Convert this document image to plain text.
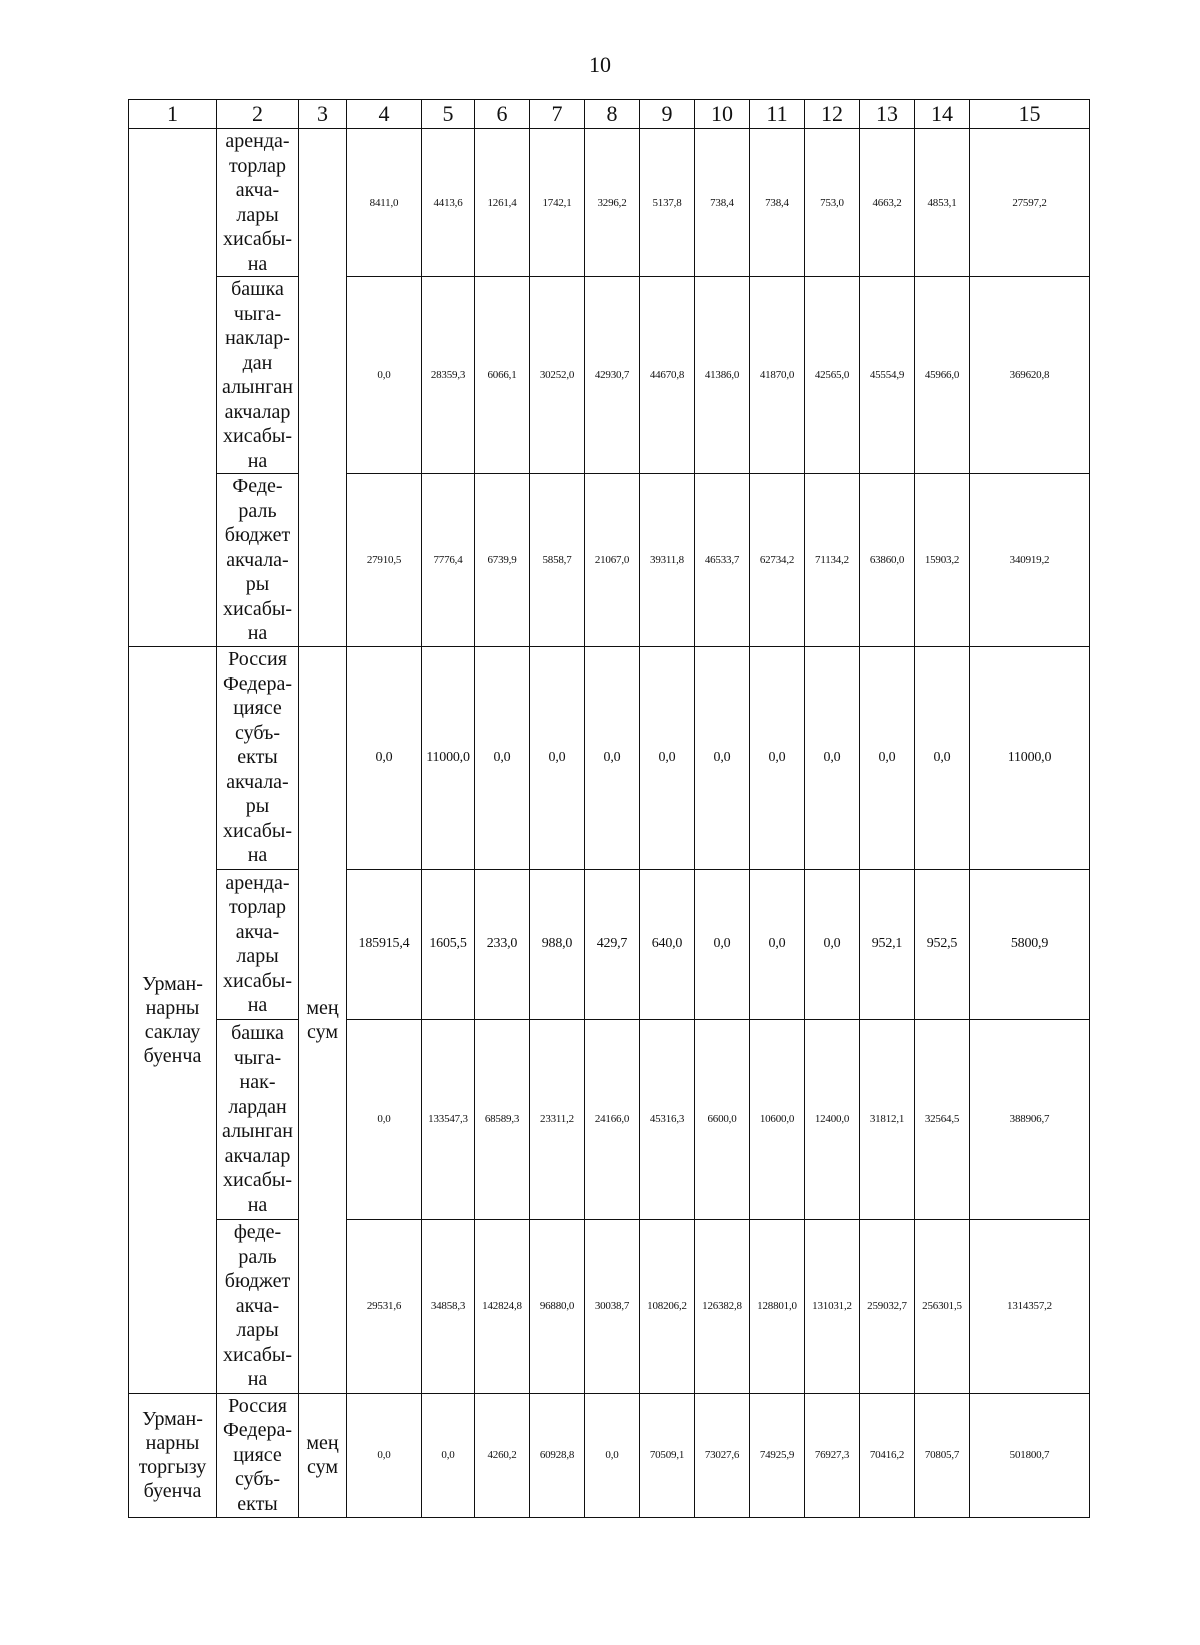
10
1	2	3	4	5	6	7	8	9	10	11	12	13	14	15
	аренда-торлар акча-лары хисабы-на		8411,0	4413,6	1261,4	1742,1	3296,2	5137,8	738,4	738,4	753,0	4663,2	4853,1	27597,2
	башка чыга-наклар-дан алынган акчалар хисабы-на		0,0	28359,3	6066,1	30252,0	42930,7	44670,8	41386,0	41870,0	42565,0	45554,9	45966,0	369620,8
	Феде-раль бюджет акчала-ры хисабы-на		27910,5	7776,4	6739,9	5858,7	21067,0	39311,8	46533,7	62734,2	71134,2	63860,0	15903,2	340919,2
Урман-нарны саклау буенча	Россия Федера-циясе субъ-екты акчала-ры хисабы-на	мең сум	0,0	11000,0	0,0	0,0	0,0	0,0	0,0	0,0	0,0	0,0	0,0	11000,0
	аренда-торлар акча-лары хисабы-на		185915,4	1605,5	233,0	988,0	429,7	640,0	0,0	0,0	0,0	952,1	952,5	5800,9
	башка чыга-нак-лардан алынган акчалар хисабы-на		0,0	133547,3	68589,3	23311,2	24166,0	45316,3	6600,0	10600,0	12400,0	31812,1	32564,5	388906,7
	феде-раль бюджет акча-лары хисабы-на		29531,6	34858,3	142824,8	96880,0	30038,7	108206,2	126382,8	128801,0	131031,2	259032,7	256301,5	1314357,2
Урман-нарны торгызу буенча	Россия Федера-циясе субъ-екты	мең сум	0,0	0,0	4260,2	60928,8	0,0	70509,1	73027,6	74925,9	76927,3	70416,2	70805,7	501800,7
